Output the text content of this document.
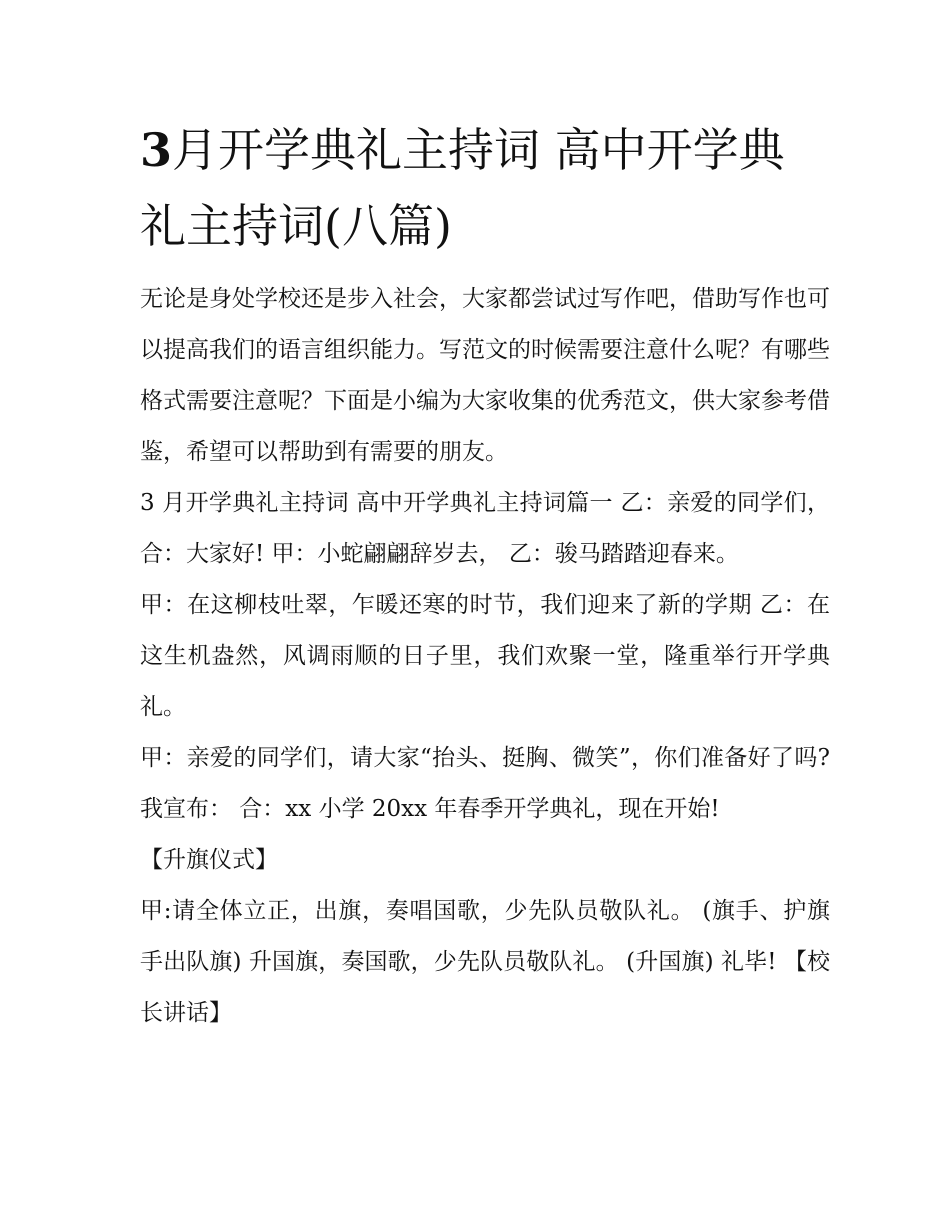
3月开学典礼主持词 高中开学典礼主持词(八篇)

无论是身处学校还是步入社会，大家都尝试过写作吧，借助写作也可以提高我们的语言组织能力。写范文的时候需要注意什么呢？有哪些格式需要注意呢？下面是小编为大家收集的优秀范文，供大家参考借鉴，希望可以帮助到有需要的朋友。

3 月开学典礼主持词 高中开学典礼主持词篇一 乙：亲爱的同学们， 合：大家好! 甲：小蛇翩翩辞岁去， 乙：骏马踏踏迎春来。

甲：在这柳枝吐翠，乍暖还寒的时节，我们迎来了新的学期 乙：在这生机盎然，风调雨顺的日子里，我们欢聚一堂，隆重举行开学典礼。

甲：亲爱的同学们，请大家“抬头、挺胸、微笑”，你们准备好了吗?我宣布： 合：xx 小学 20xx 年春季开学典礼，现在开始!

【升旗仪式】

甲:请全体立正，出旗，奏唱国歌，少先队员敬队礼。 (旗手、护旗手出队旗) 升国旗，奏国歌，少先队员敬队礼。 (升国旗) 礼毕! 【校长讲话】
